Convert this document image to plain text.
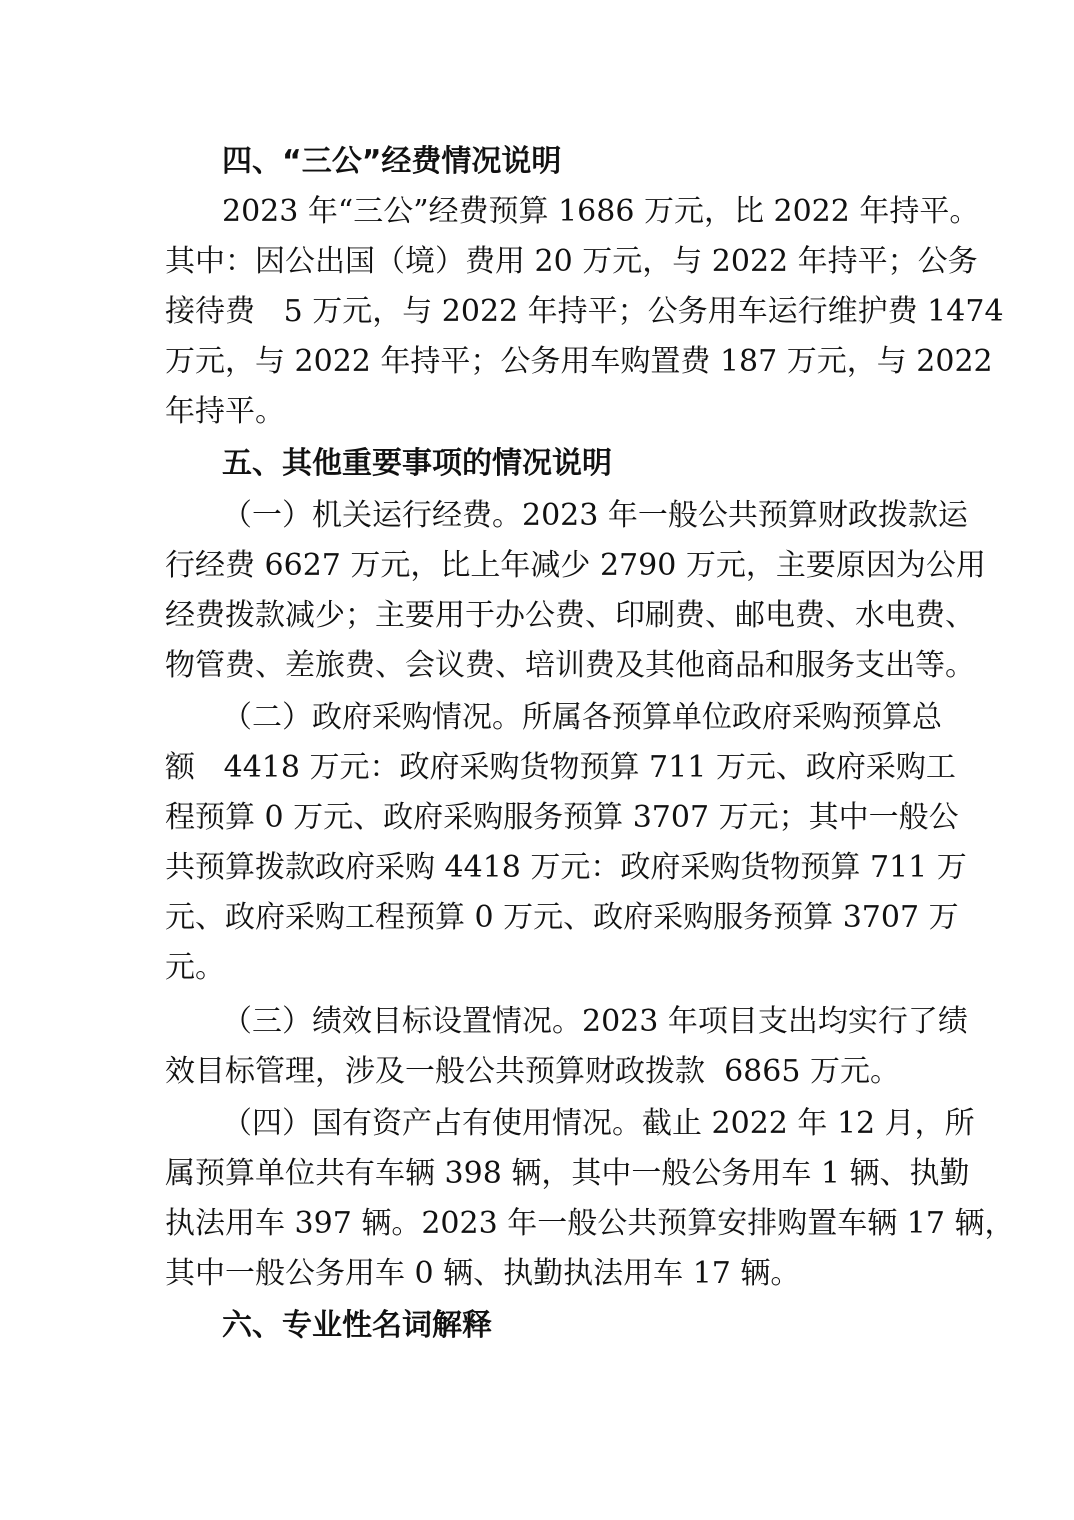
四、“三公”经费情况说明
2023 年“三公”经费预算 1686 万元，比 2022 年持平。
其中：因公出国（境）费用 20 万元，与 2022 年持平；公务
接待费   5 万元，与 2022 年持平；公务用车运行维护费 1474
万元，与 2022 年持平；公务用车购置费 187 万元，与 2022
年持平。
五、其他重要事项的情况说明
（一）机关运行经费。2023 年一般公共预算财政拨款运
行经费 6627 万元，比上年减少 2790 万元，主要原因为公用
经费拨款减少；主要用于办公费、印刷费、邮电费、水电费、
物管费、差旅费、会议费、培训费及其他商品和服务支出等。
（二）政府采购情况。所属各预算单位政府采购预算总
额   4418 万元：政府采购货物预算 711 万元、政府采购工
程预算 0 万元、政府采购服务预算 3707 万元；其中一般公
共预算拨款政府采购 4418 万元：政府采购货物预算 711 万
元、政府采购工程预算 0 万元、政府采购服务预算 3707 万
元。
（三）绩效目标设置情况。2023 年项目支出均实行了绩
效目标管理，涉及一般公共预算财政拨款  6865 万元。
（四）国有资产占有使用情况。截止 2022 年 12 月，所
属预算单位共有车辆 398 辆，其中一般公务用车 1 辆、执勤
执法用车 397 辆。2023 年一般公共预算安排购置车辆 17 辆，
其中一般公务用车 0 辆、执勤执法用车 17 辆。
六、专业性名词解释
